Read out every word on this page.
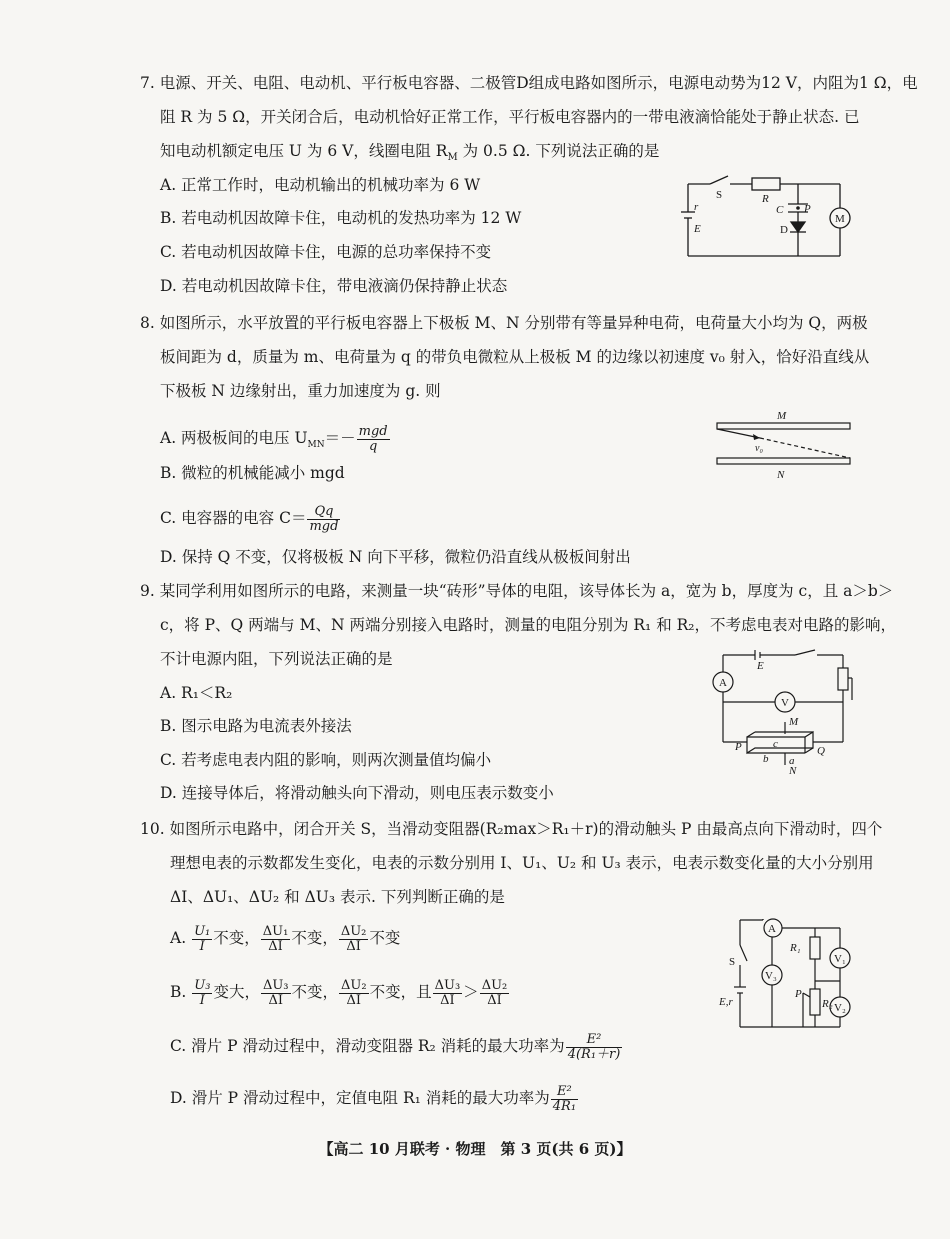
7. 电源、开关、电阻、电动机、平行板电容器、二极管D组成电路如图所示，电源电动势为12 V，内阻为1 Ω，电
阻 R 为 5 Ω，开关闭合后，电动机恰好正常工作，平行板电容器内的一带电液滴恰能处于静止状态. 已
知电动机额定电压 U 为 6 V，线圈电阻 $R_M$ 为 0.5 Ω. 下列说法正确的是
A. 正常工作时，电动机输出的机械功率为 6 W
B. 若电动机因故障卡住，电动机的发热功率为 12 W
C. 若电动机因故障卡住，电源的总功率保持不变
D. 若电动机因故障卡住，带电液滴仍保持静止状态
S	R
C P
D
M
r
E
8. 如图所示，水平放置的平行板电容器上下极板 M、N 分别带有等量异种电荷，电荷量大小均为 Q，两极
板间距为 d，质量为 m、电荷量为 q 的带负电微粒从上极板 M 的边缘以初速度 v₀ 射入，恰好沿直线从
下极板 N 边缘射出，重力加速度为 g. 则
A. 两极板间的电压 $U_{MN}=- \frac{\text{mgd}}{q}$
B. 微粒的机械能减小 mgd
C. 电容器的电容 $C= \frac{Qq}{\text{mgd}}$
D. 保持 Q 不变，仅将极板 N 向下平移，微粒仍沿直线从极板间射出
M
N
v₀
9. 某同学利用如图所示的电路，来测量一块“砖形”导体的电阻，该导体长为 a，宽为 b，厚度为 c，且 a＞b＞
c，将 P、Q 两端与 M、N 两端分别接入电路时，测量的电阻分别为 R₁ 和 R₂，不考虑电表对电路的影响，
不计电源内阻，下列说法正确的是
A. R₁＜R₂
B. 图示电路为电流表外接法
C. 若考虑电表内阻的影响，则两次测量值均偏小
D. 连接导体后，将滑动触头向下滑动，则电压表示数变小
A
V
E
M
N
P	Q
a
b
c
10. 如图所示电路中，闭合开关 S，当滑动变阻器(R₂max＞R₁＋r)的滑动触头 P 由最高点向下滑动时，四个
理想电表的示数都发生变化，电表的示数分别用 I、U₁、U₂ 和 U₃ 表示，电表示数变化量的大小分别用
ΔI、ΔU₁、ΔU₂ 和 ΔU₃ 表示. 下列判断正确的是
A. $\frac{\text{U₁}}{I}$ 不变， $\frac{\text{ΔU₁}}{\Delta I}$ 不变， $\frac{\text{ΔU₂}}{\Delta I}$ 不变
B. $\frac{\text{U₃}}{I}$ 变大， $\frac{\text{ΔU₃}}{\Delta I}$ 不变， $\frac{\text{ΔU₂}}{\Delta I}$ 不变，且 $\frac{\text{ΔU₃}}{\Delta I} > \frac{\text{ΔU₂}}{\Delta I}$
C. 滑片 P 滑动过程中，滑动变阻器 R₂ 消耗的最大功率为 $\frac{\text{E²}}{\text{4(R₁＋r)}}$
D. 滑片 P 滑动过程中，定值电阻 R₁ 消耗的最大功率为 $\frac{\text{E²}}{\text{4R₁}}$
A
V₁
V₂
V₃
R₁
R₂
P
S
E,r
【高二 10 月联考 · 物理　第 3 页(共 6 页)】
